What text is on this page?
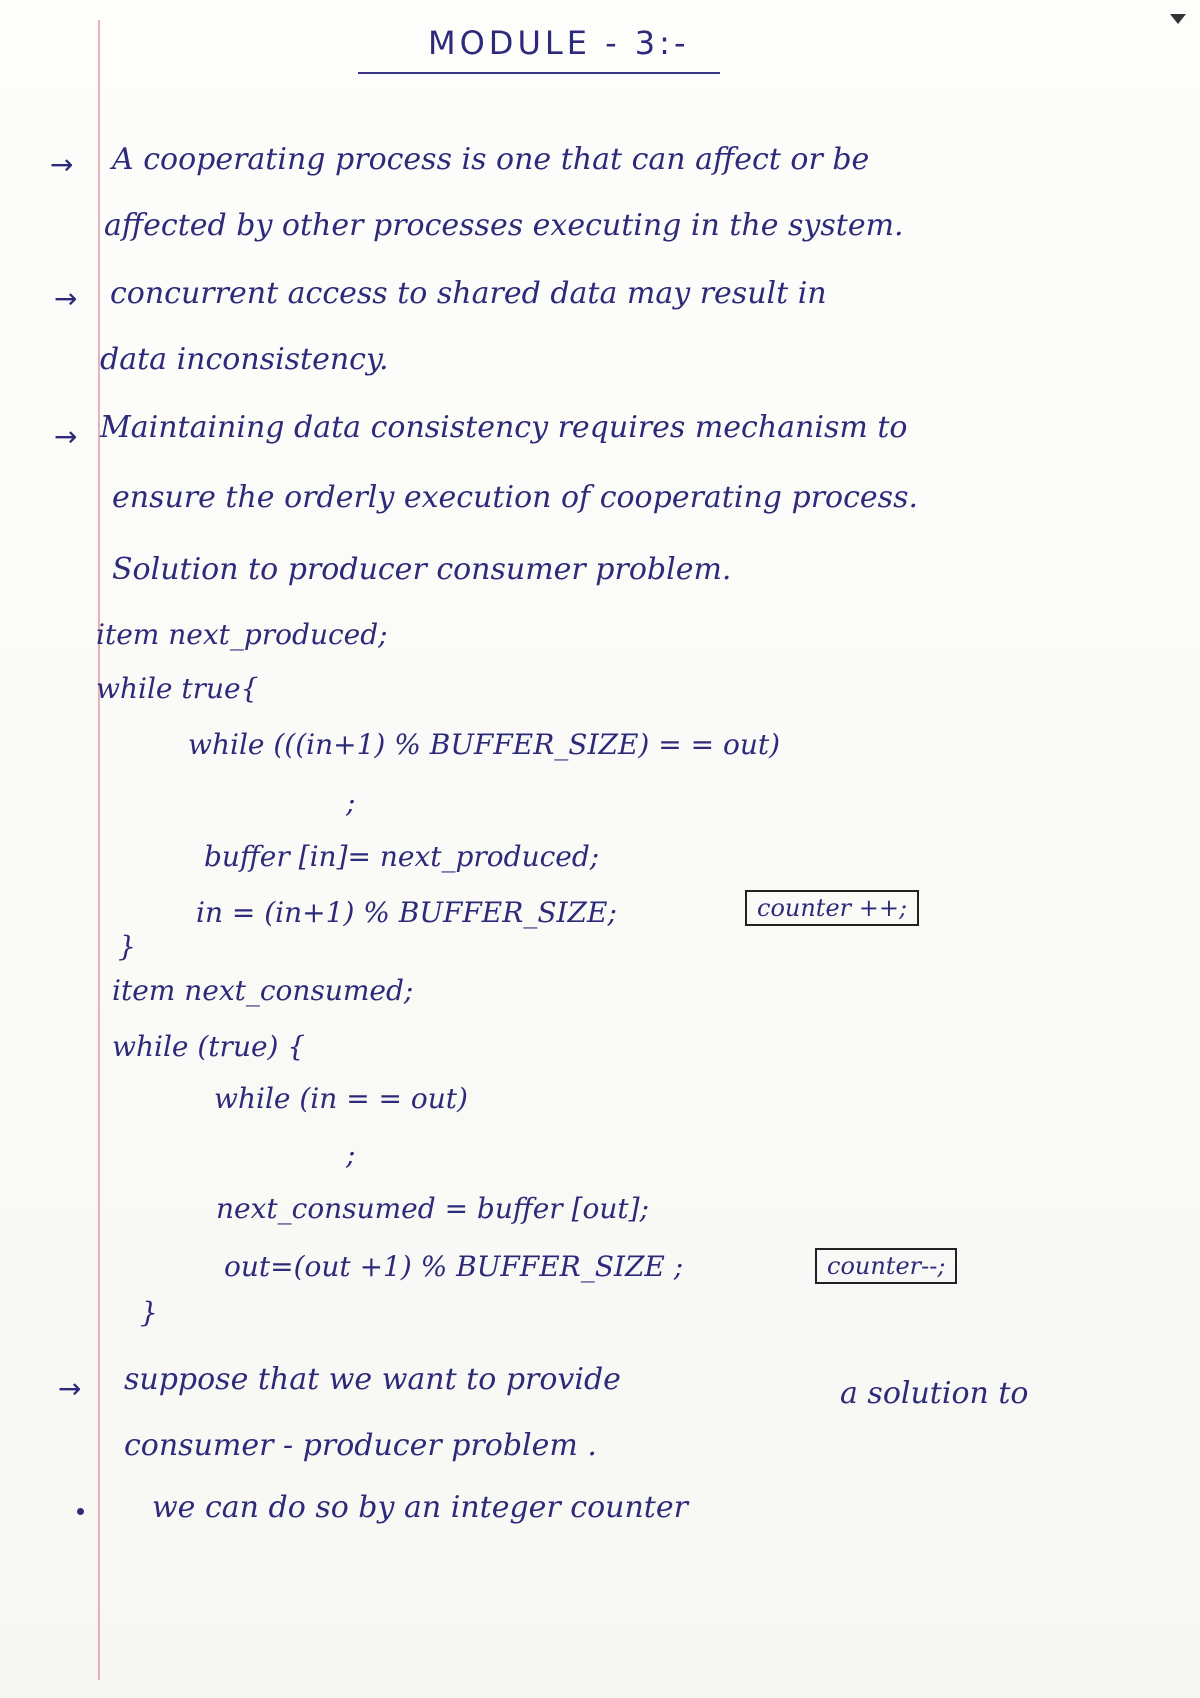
MODULE - 3:-
→ A cooperating process is one that can affect or be
affected by other processes executing in the system.
→ concurrent access to shared data may result in
data inconsistency.
→ Maintaining data consistency requires mechanism to
ensure the orderly execution of cooperating process.
Solution to producer consumer problem.
item next_produced;
while true{
while (((in+1) % BUFFER_SIZE) = = out)
;
buffer [in]= next_produced;
in = (in+1) % BUFFER_SIZE;	counter ++;
}
item next_consumed;
while (true) {
while (in = = out)
;
next_consumed = buffer [out];
out=(out +1) % BUFFER_SIZE ;	counter--;
}
→ suppose that we want to provide	a solution to
consumer - producer problem .
we can do so by an integer counter
